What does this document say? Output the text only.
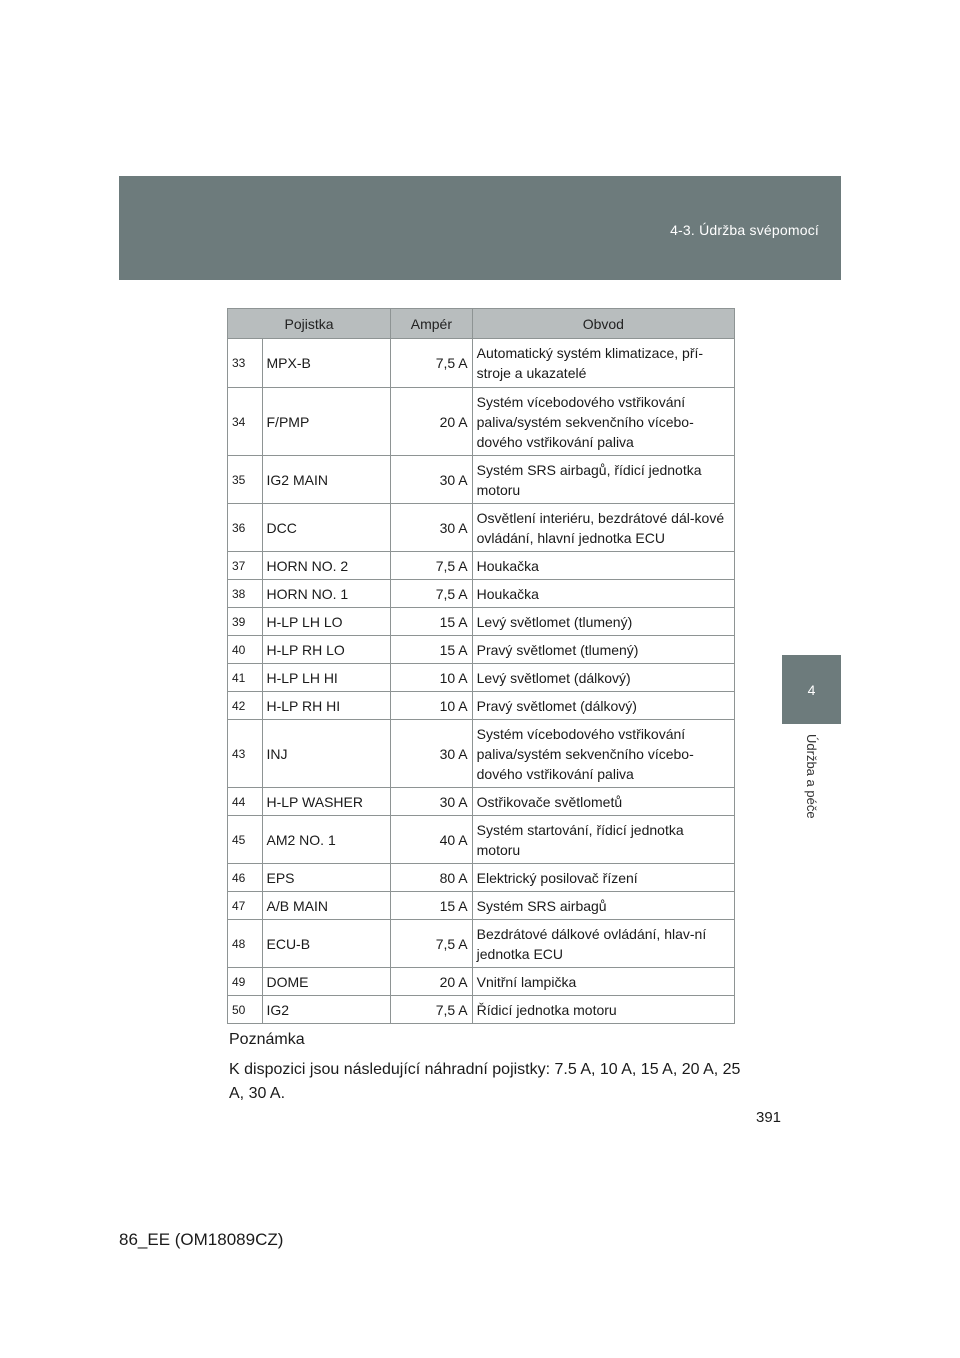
4-3. Údržba svépomocí
4
Údržba a péče
Pojistka		Ampér	Obvod
33	MPX-B	7,5 A	Automatický systém klimatizace, pří-stroje a ukazatelé
34	F/PMP	20 A	Systém vícebodového vstřikování paliva/systém sekvenčního vícebo-dového vstřikování paliva
35	IG2 MAIN	30 A	Systém SRS airbagů, řídicí jednotka motoru
36	DCC	30 A	Osvětlení interiéru, bezdrátové dál-kové ovládání, hlavní jednotka ECU
37	HORN NO. 2	7,5 A	Houkačka
38	HORN NO. 1	7,5 A	Houkačka
39	H-LP LH LO	15 A	Levý světlomet (tlumený)
40	H-LP RH LO	15 A	Pravý světlomet (tlumený)
41	H-LP LH HI	10 A	Levý světlomet (dálkový)
42	H-LP RH HI	10 A	Pravý světlomet (dálkový)
43	INJ	30 A	Systém vícebodového vstřikování paliva/systém sekvenčního vícebo-dového vstřikování paliva
44	H-LP WASHER	30 A	Ostřikovače světlometů
45	AM2 NO. 1	40 A	Systém startování, řídicí jednotka motoru
46	EPS	80 A	Elektrický posilovač řízení
47	A/B MAIN	15 A	Systém SRS airbagů
48	ECU-B	7,5 A	Bezdrátové dálkové ovládání, hlav-ní jednotka ECU
49	DOME	20 A	Vnitřní lampička
50	IG2	7,5 A	Řídicí jednotka motoru
Poznámka
K dispozici jsou následující náhradní pojistky: 7.5 A, 10 A, 15 A, 20 A, 25 A, 30 A.
391
86_EE (OM18089CZ)
